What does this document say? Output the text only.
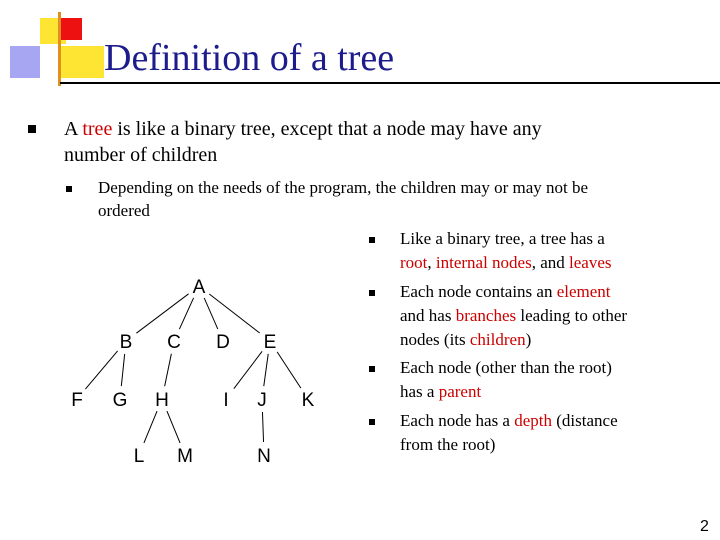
Definition of a tree
A tree is like a binary tree, except that a node may have any
number of children
Depending on the needs of the program, the children may or may not be
ordered
A
B C D E
F G H	I J K
L M	N
Like a binary tree, a tree has a
root, internal nodes, and leaves
Each node contains an element
and has branches leading to other
nodes (its children)
Each node (other than the root)
has a parent
Each node has a depth (distance
from the root)
2
